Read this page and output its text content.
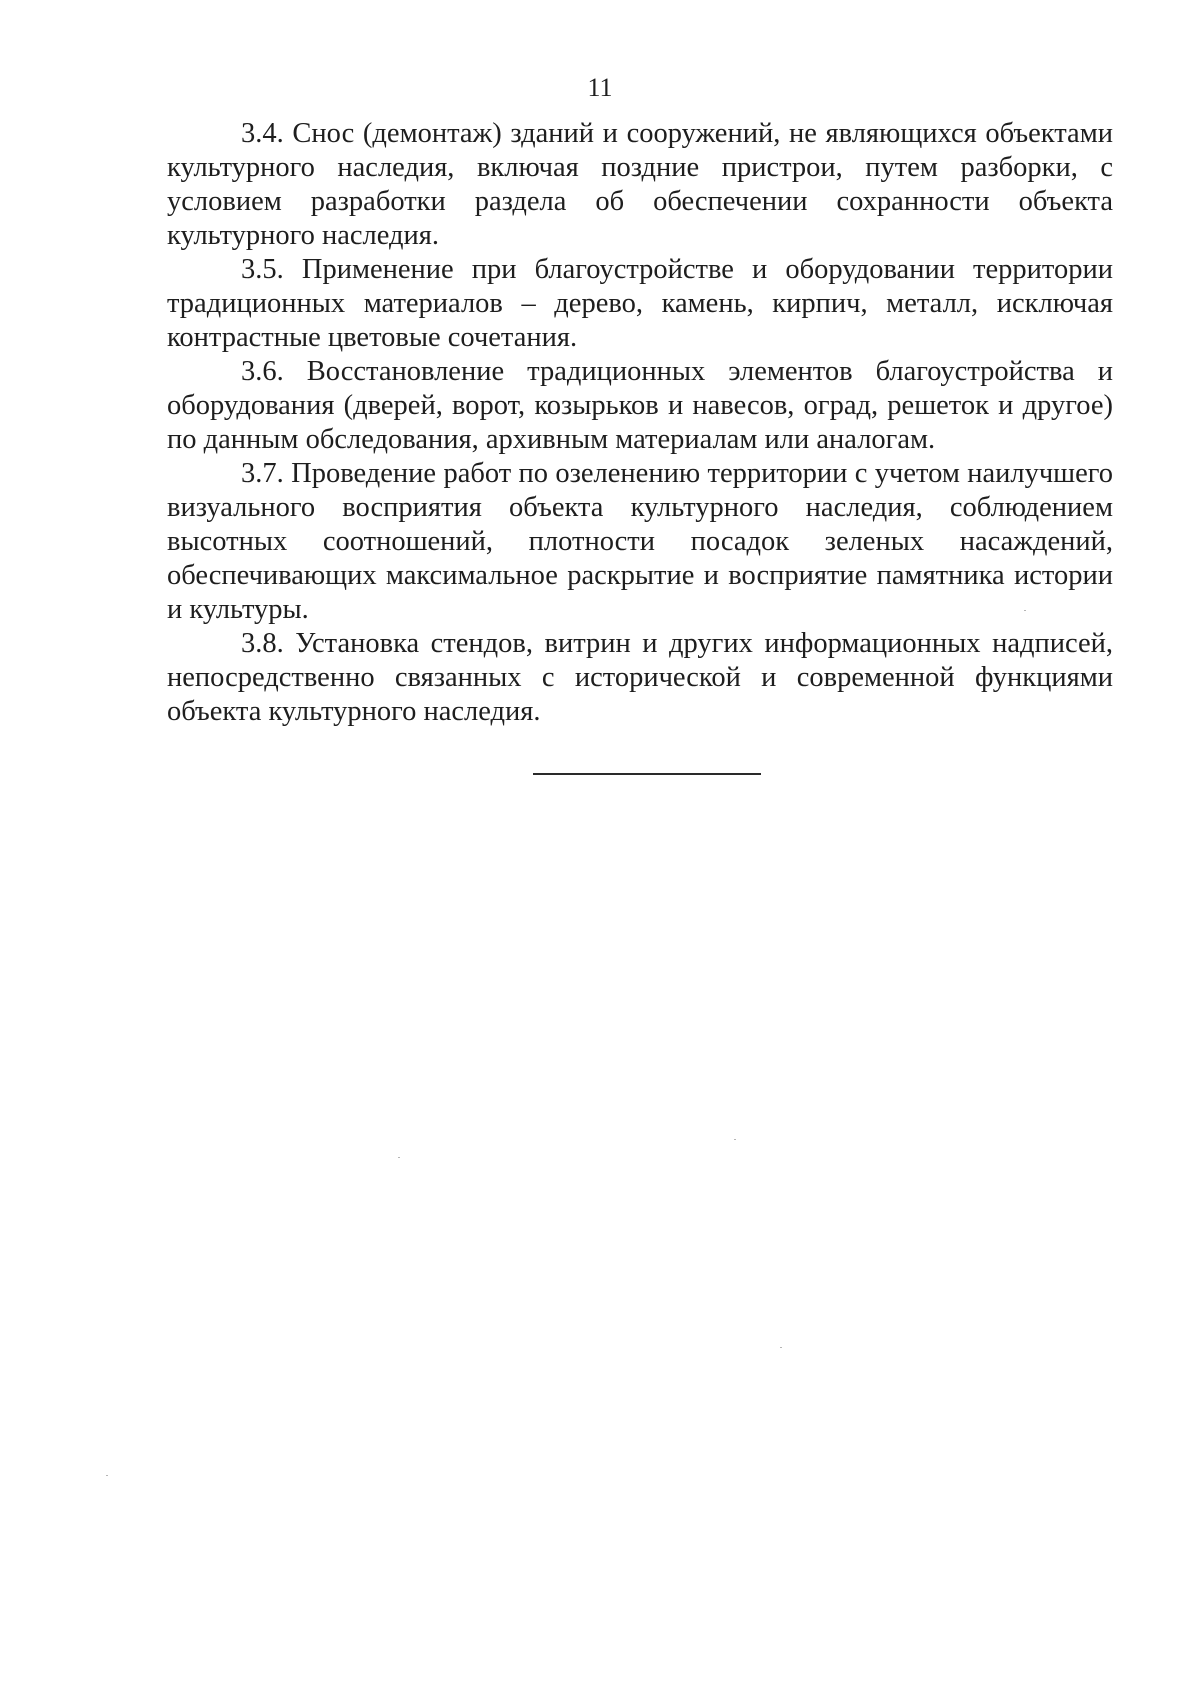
11

3.4. Снос (демонтаж) зданий и сооружений, не являющихся объектами культурного наследия, включая поздние пристрои, путем разборки, с условием разработки раздела об обеспечении сохранности объекта культурного наследия.

3.5. Применение при благоустройстве и оборудовании территории традиционных материалов – дерево, камень, кирпич, металл, исключая контрастные цветовые сочетания.

3.6. Восстановление традиционных элементов благоустройства и оборудования (дверей, ворот, козырьков и навесов, оград, решеток и другое) по данным обследования, архивным материалам или аналогам.

3.7. Проведение работ по озеленению территории с учетом наилучшего визуального восприятия объекта культурного наследия, соблюдением высотных соотношений, плотности посадок зеленых насаждений, обеспечивающих максимальное раскрытие и восприятие памятника истории и культуры.

3.8. Установка стендов, витрин и других информационных надписей, непосредственно связанных с исторической и современной функциями объекта культурного наследия.
